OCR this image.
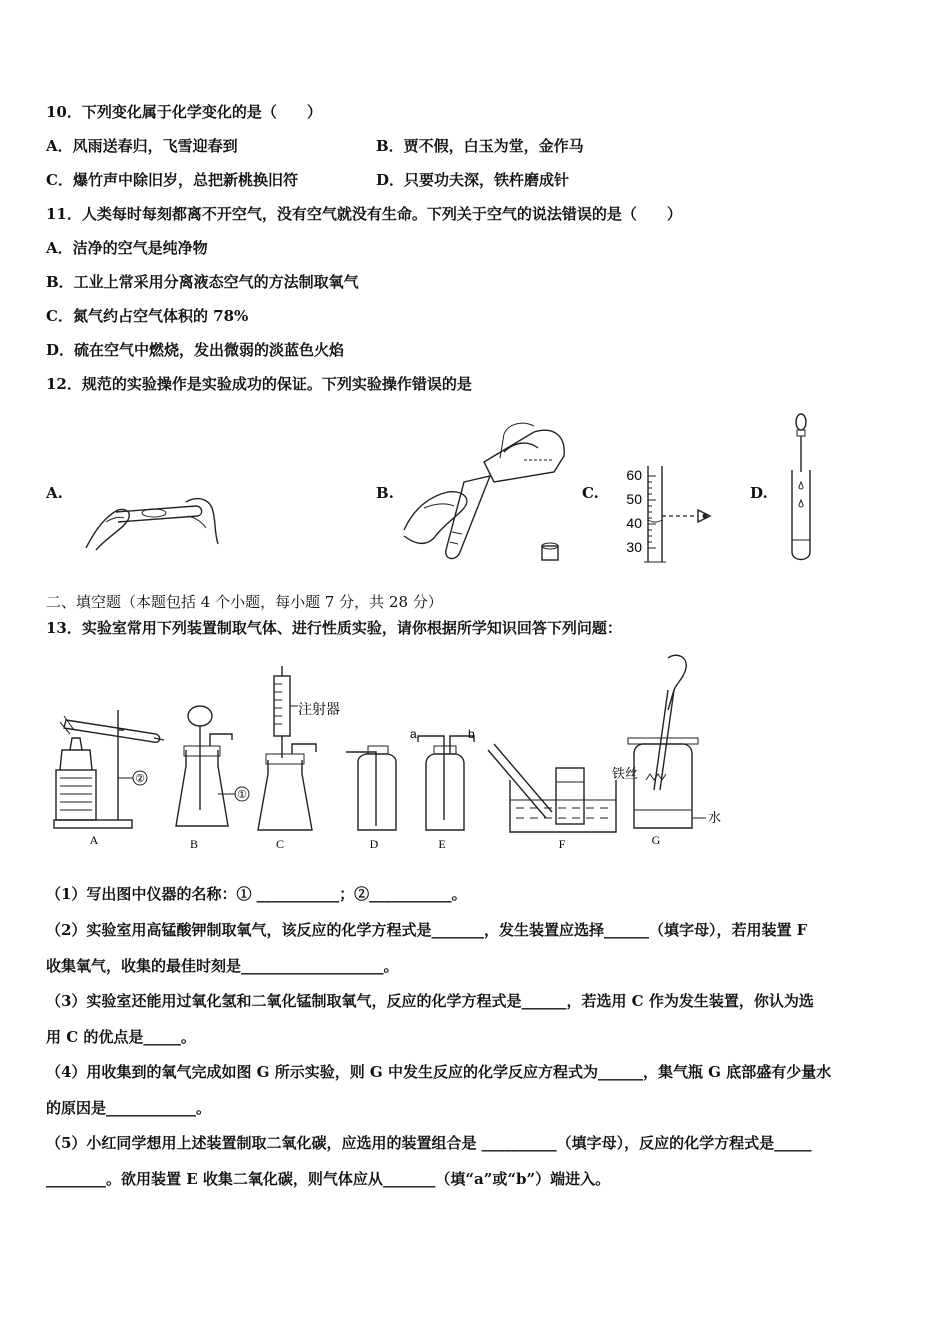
10．下列变化属于化学变化的是（　　）
A．风雨送春归，飞雪迎春到	B．贾不假，白玉为堂，金作马
C．爆竹声中除旧岁，总把新桃换旧符	D．只要功夫深，铁杵磨成针
11．人类每时每刻都离不开空气，没有空气就没有生命。下列关于空气的说法错误的是（　　）
A．洁净的空气是纯净物
B．工业上常采用分离液态空气的方法制取氧气
C．氮气约占空气体积的 78%
D．硫在空气中燃烧，发出微弱的淡蓝色火焰
12．规范的实验操作是实验成功的保证。下列实验操作错误的是
A.	B.	C.	D.
60
50
40
30
二、填空题（本题包括 4 个小题，每小题 7 分，共 28 分）
13．实验室常用下列装置制取气体、进行性质实验，请你根据所学知识回答下列问题：
②
①
注射器
a	b
铁丝
水
A	B	C	D	E	F	G
（1）写出图中仪器的名称：① ___________；②___________。
（2）实验室用高锰酸钾制取氧气，该反应的化学方程式是_______，发生装置应选择______（填字母），若用装置 F
收集氧气，收集的最佳时刻是___________________。
（3）实验室还能用过氧化氢和二氧化锰制取氧气，反应的化学方程式是______，若选用 C 作为发生装置，你认为选
用 C 的优点是_____。
（4）用收集到的氧气完成如图 G 所示实验，则 G 中发生反应的化学反应方程式为______，集气瓶 G 底部盛有少量水
的原因是____________。
（5）小红同学想用上述装置制取二氧化碳，应选用的装置组合是 __________（填字母），反应的化学方程式是_____
________。欲用装置 E 收集二氧化碳，则气体应从_______（填“a”或“b”）端进入。
